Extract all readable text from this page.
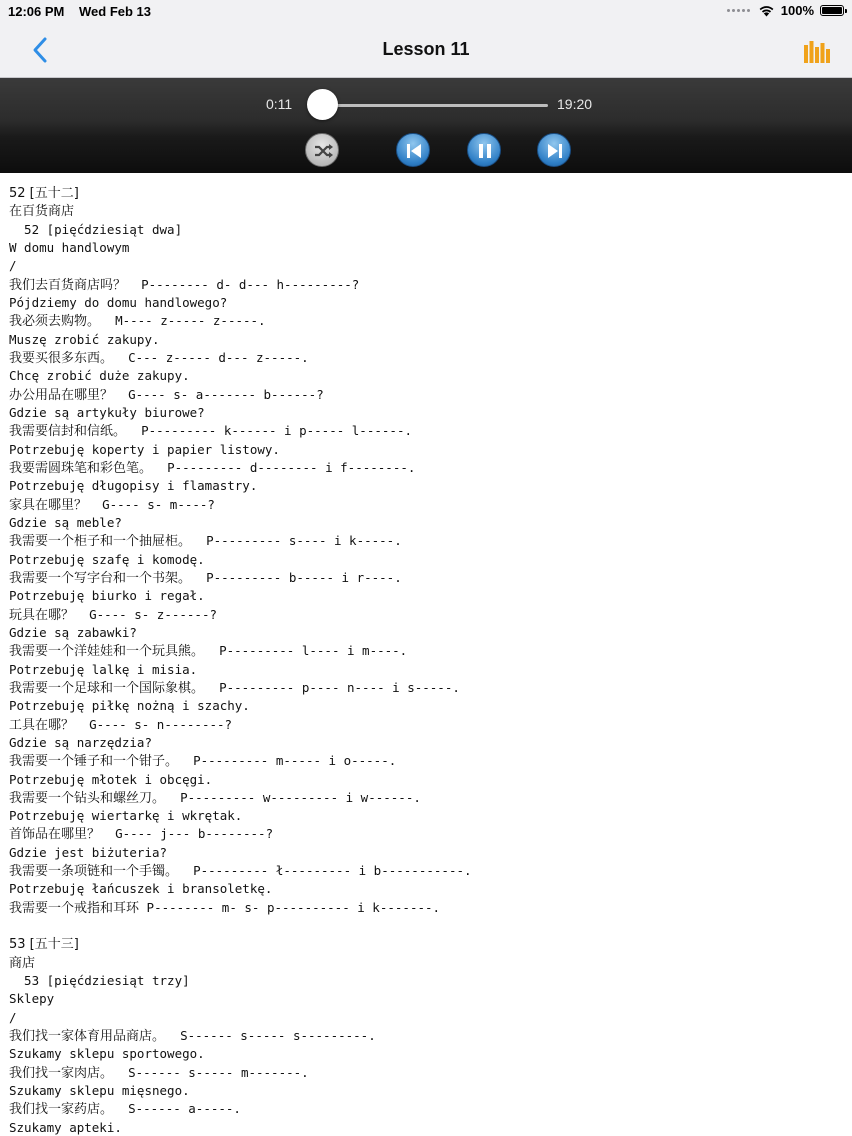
12:06 PM Wed Feb 13	100%
Lesson 11
0:11	19:20
52 [五十二]
在百货商店
52 [pięćdziesiąt dwa]
W domu handlowym
/
我们去百货商店吗？  P-------- d- d--- h---------?
Pójdziemy do domu handlowego?
我必须去购物。  M---- z----- z-----.
Muszę zrobić zakupy.
我要买很多东西。  C--- z----- d--- z-----.
Chcę zrobić duże zakupy.
办公用品在哪里？  G---- s- a------- b------?
Gdzie są artykuły biurowe?
我需要信封和信纸。  P--------- k------ i p----- l------.
Potrzebuję koperty i papier listowy.
我要需圆珠笔和彩色笔。  P--------- d-------- i f--------.
Potrzebuję długopisy i flamastry.
家具在哪里？  G---- s- m----?
Gdzie są meble?
我需要一个柜子和一个抽屉柜。  P--------- s---- i k-----.
Potrzebuję szafę i komodę.
我需要一个写字台和一个书架。  P--------- b----- i r----.
Potrzebuję biurko i regał.
玩具在哪？  G---- s- z------?
Gdzie są zabawki?
我需要一个洋娃娃和一个玩具熊。  P--------- l---- i m----.
Potrzebuję lalkę i misia.
我需要一个足球和一个国际象棋。  P--------- p---- n---- i s-----.
Potrzebuję piłkę nożną i szachy.
工具在哪？  G---- s- n--------?
Gdzie są narzędzia?
我需要一个锤子和一个钳子。  P--------- m----- i o-----.
Potrzebuję młotek i obcęgi.
我需要一个钻头和螺丝刀。  P--------- w--------- i w------.
Potrzebuję wiertarkę i wkrętak.
首饰品在哪里？  G---- j--- b--------?
Gdzie jest biżuteria?
我需要一条项链和一个手镯。  P--------- ł--------- i b-----------.
Potrzebuję łańcuszek i bransoletkę.
我需要一个戒指和耳环 P-------- m- s- p---------- i k-------.

53 [五十三]
商店
53 [pięćdziesiąt trzy]
Sklepy
/
我们找一家体育用品商店。  S------ s----- s---------.
Szukamy sklepu sportowego.
我们找一家肉店。  S------ s----- m-------.
Szukamy sklepu mięsnego.
我们找一家药店。  S------ a-----.
Szukamy apteki.
